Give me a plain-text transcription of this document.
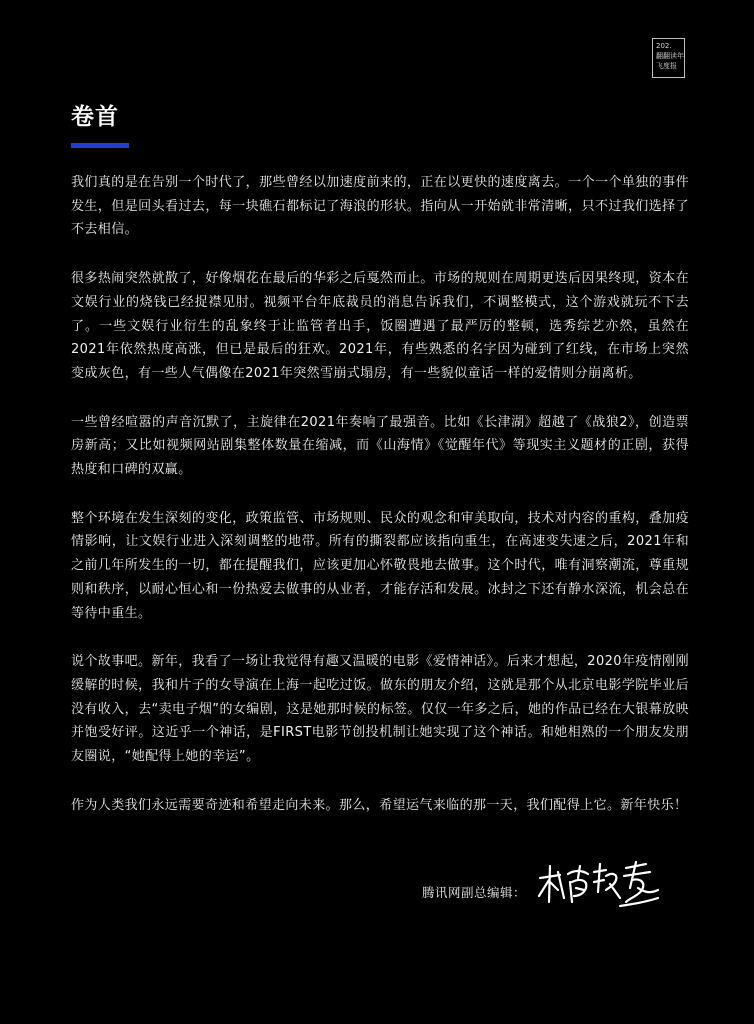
202.
翻翻读年
飞度报
卷首

我们真的是在告别一个时代了，那些曾经以加速度前来的，正在以更快的速度离去。一个一个单独的事件发生，但是回头看过去，每一块礁石都标记了海浪的形状。指向从一开始就非常清晰，只不过我们选择了不去相信。

很多热闹突然就散了，好像烟花在最后的华彩之后戛然而止。市场的规则在周期更迭后因果终现，资本在文娱行业的烧钱已经捉襟见肘。视频平台年底裁员的消息告诉我们，不调整模式，这个游戏就玩不下去了。一些文娱行业衍生的乱象终于让监管者出手，饭圈遭遇了最严厉的整顿，选秀综艺亦然，虽然在2021年依然热度高涨，但已是最后的狂欢。2021年，有些熟悉的名字因为碰到了红线，在市场上突然变成灰色，有一些人气偶像在2021年突然雪崩式塌房，有一些貌似童话一样的爱情则分崩离析。

一些曾经喧嚣的声音沉默了，主旋律在2021年奏响了最强音。比如《长津湖》超越了《战狼2》，创造票房新高；又比如视频网站剧集整体数量在缩减，而《山海情》《觉醒年代》等现实主义题材的正剧，获得热度和口碑的双赢。

整个环境在发生深刻的变化，政策监管、市场规则、民众的观念和审美取向，技术对内容的重构，叠加疫情影响，让文娱行业进入深刻调整的地带。所有的撕裂都应该指向重生，在高速变失速之后，2021年和之前几年所发生的一切，都在提醒我们，应该更加心怀敬畏地去做事。这个时代，唯有洞察潮流，尊重规则和秩序，以耐心恒心和一份热爱去做事的从业者，才能存活和发展。冰封之下还有静水深流，机会总在等待中重生。

说个故事吧。新年，我看了一场让我觉得有趣又温暖的电影《爱情神话》。后来才想起，2020年疫情刚刚缓解的时候，我和片子的女导演在上海一起吃过饭。做东的朋友介绍，这就是那个从北京电影学院毕业后没有收入，去“卖电子烟”的女编剧，这是她那时候的标签。仅仅一年多之后，她的作品已经在大银幕放映并饱受好评。这近乎一个神话，是FIRST电影节创投机制让她实现了这个神话。和她相熟的一个朋友发朋友圈说，“她配得上她的幸运”。

作为人类我们永远需要奇迹和希望走向未来。那么，希望运气来临的那一天，我们配得上它。新年快乐！

腾讯网副总编辑：
